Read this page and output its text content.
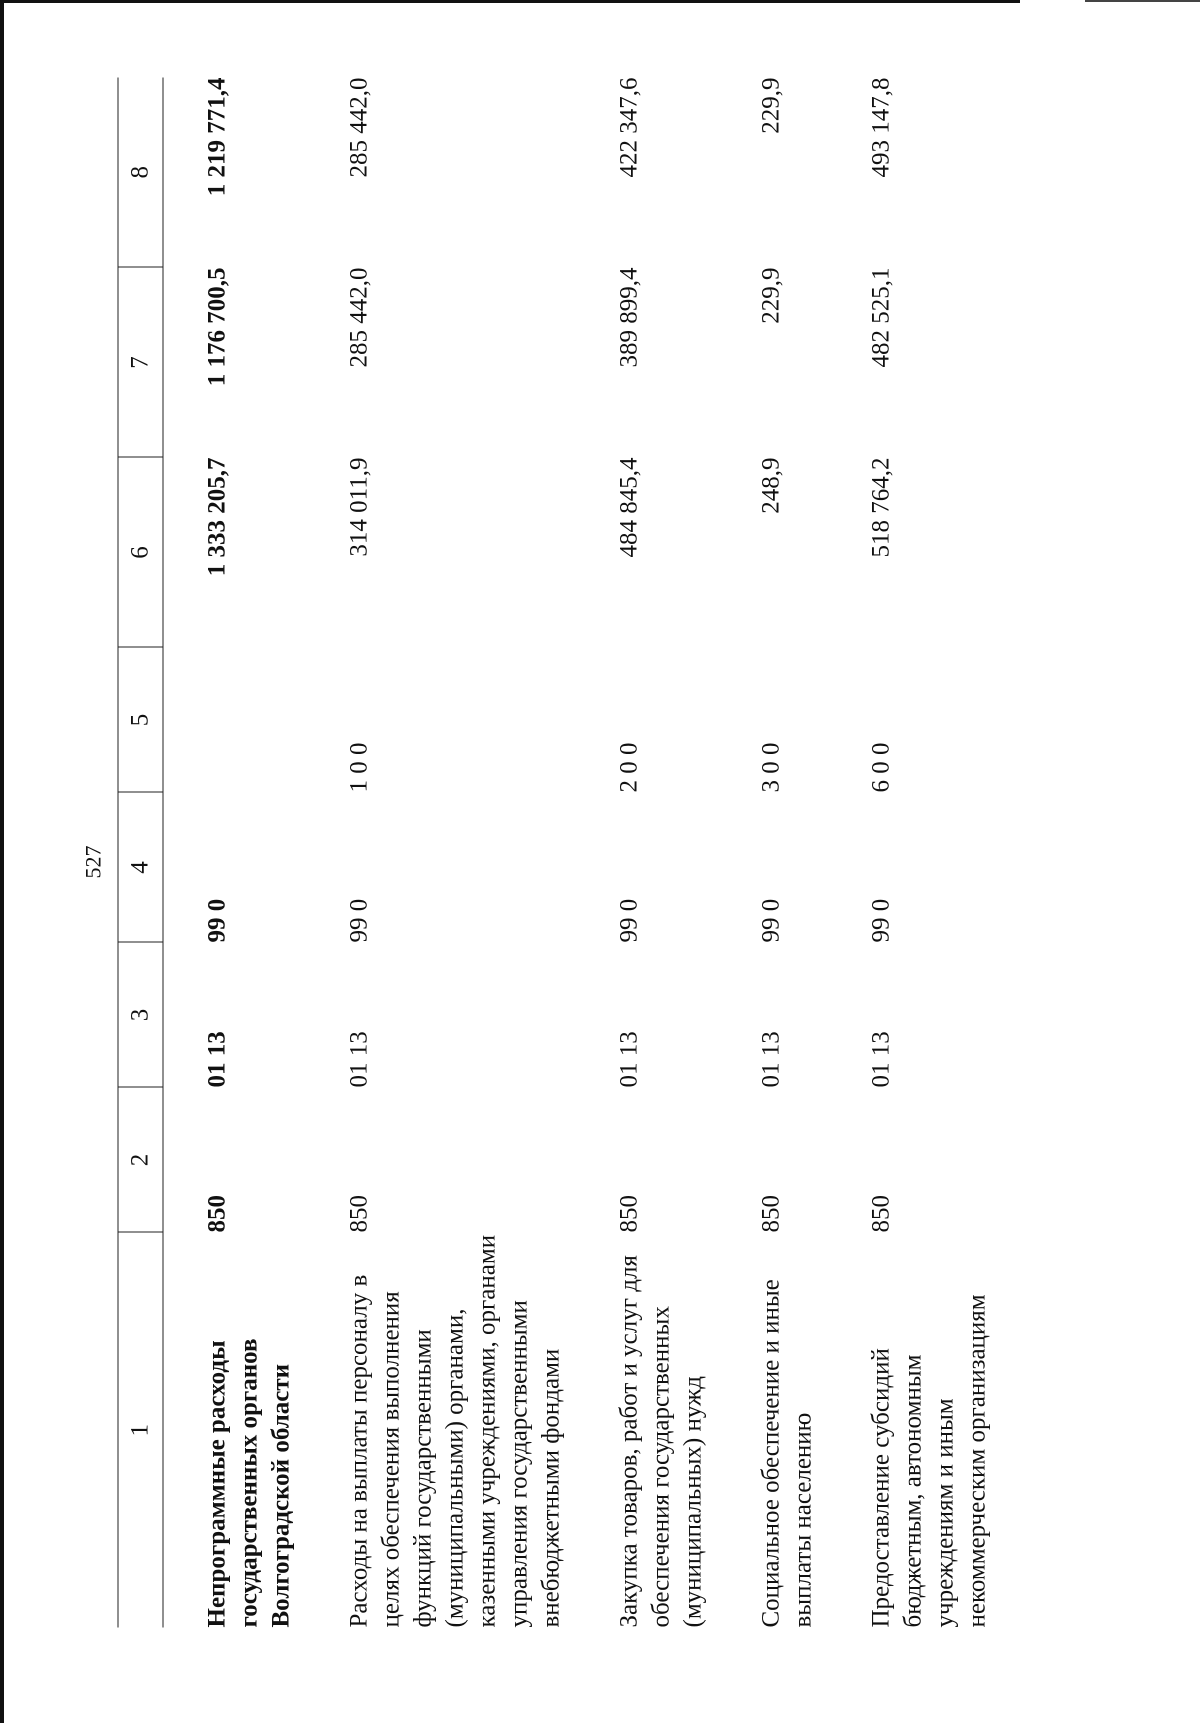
527
1	2	3	4	5	6	7	8
Непрограммные расходы государственных органов Волгоградской области	850	01 13	99 0		1 333 205,7	1 176 700,5	1 219 771,4
Расходы на выплаты персоналу в целях обеспечения выполнения функций государственными (муниципальными) органами, казенными учреждениями, органами управления государственными внебюджетными фондами	850	01 13	99 0	1 0 0	314 011,9	285 442,0	285 442,0
Закупка товаров, работ и услуг для обеспечения государственных (муниципальных) нужд	850	01 13	99 0	2 0 0	484 845,4	389 899,4	422 347,6
Социальное обеспечение и иные выплаты населению	850	01 13	99 0	3 0 0	248,9	229,9	229,9
Предоставление субсидий бюджетным, автономным учреждениям и иным некоммерческим организациям	850	01 13	99 0	6 0 0	518 764,2	482 525,1	493 147,8
